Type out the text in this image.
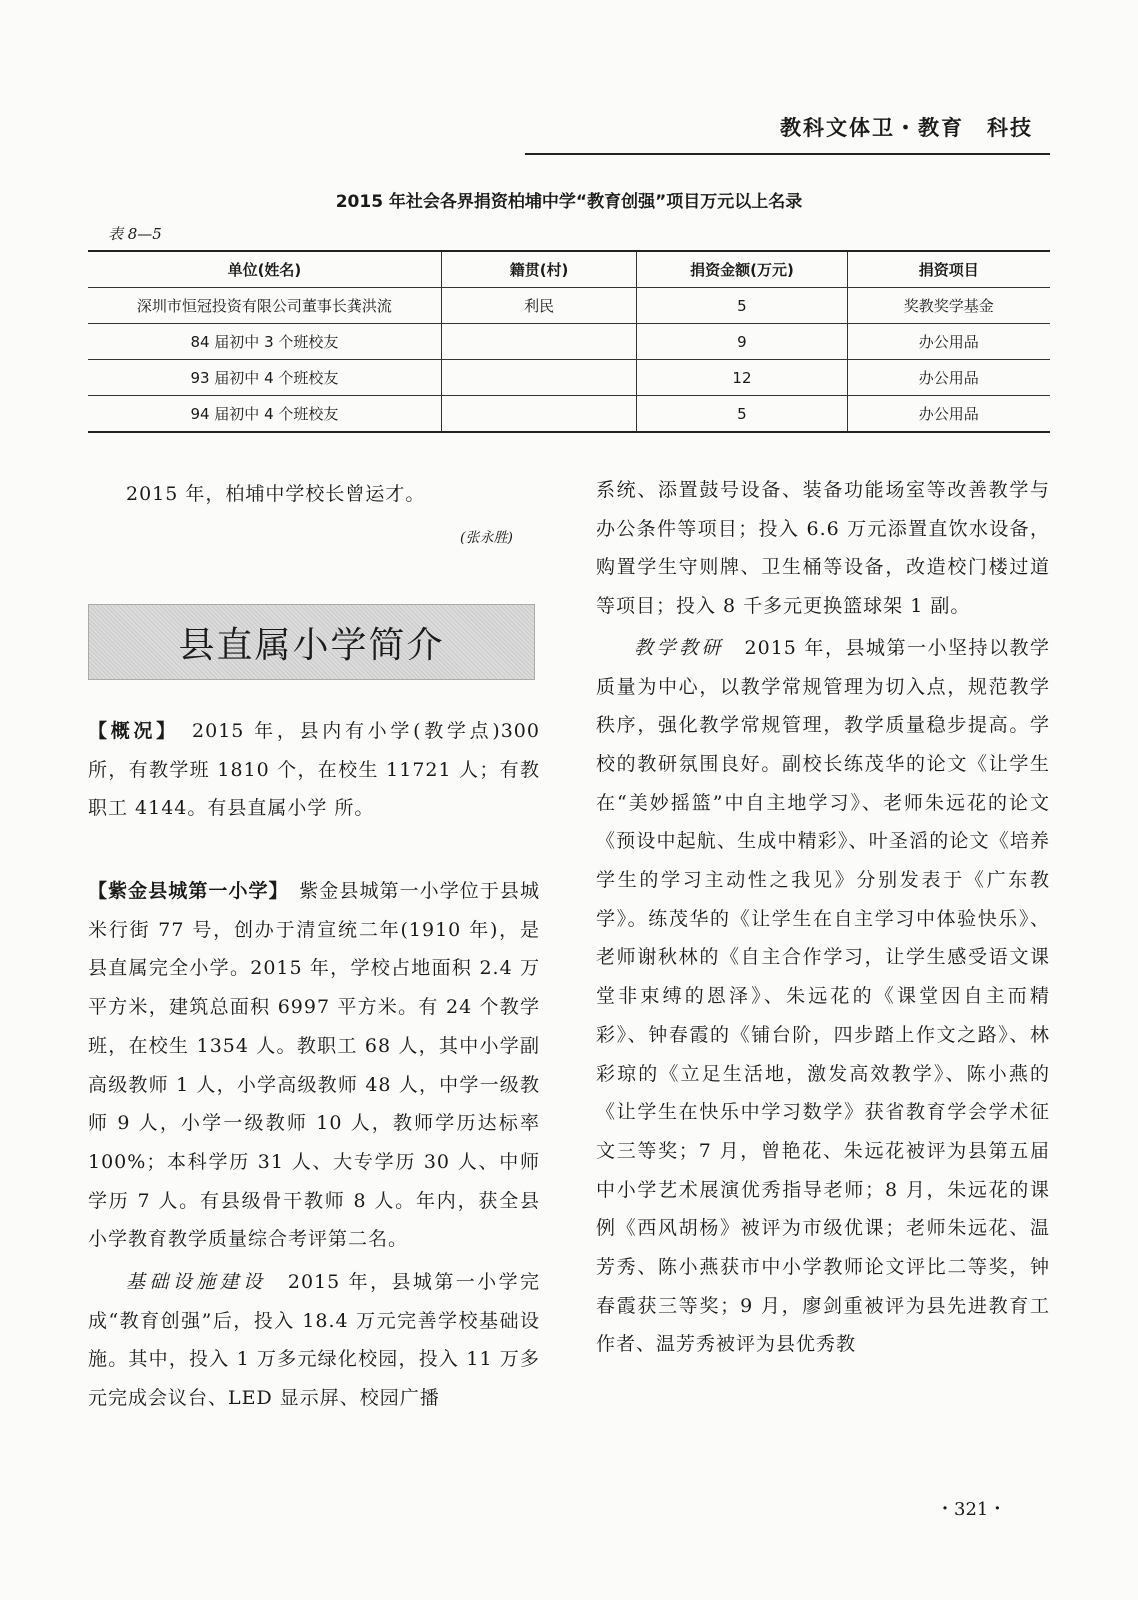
教科文体卫・教育　科技
2015 年社会各界捐资柏埔中学“教育创强”项目万元以上名录
表 8—5
单位(姓名)	籍贯(村)	捐资金额(万元)	捐资项目
深圳市恒冠投资有限公司董事长龚洪流	利民	5	奖教奖学基金
84 届初中 3 个班校友		9	办公用品
93 届初中 4 个班校友		12	办公用品
94 届初中 4 个班校友		5	办公用品

2015 年，柏埔中学校长曾运才。

(张永胜)
县直属小学简介

【概况】　2015 年，县内有小学(教学点)300 所，有教学班 1810 个，在校生 11721 人；有教职工 4144。有县直属小学 所。

【紫金县城第一小学】　紫金县城第一小学位于县城米行街 77 号，创办于清宣统二年(1910 年)，是县直属完全小学。2015 年，学校占地面积 2.4 万平方米，建筑总面积 6997 平方米。有 24 个教学班，在校生 1354 人。教职工 68 人，其中小学副高级教师 1 人，小学高级教师 48 人，中学一级教师 9 人，小学一级教师 10 人，教师学历达标率 100%；本科学历 31 人、大专学历 30 人、中师学历 7 人。有县级骨干教师 8 人。年内，获全县小学教育教学质量综合考评第二名。

基础设施建设　2015 年，县城第一小学完成“教育创强”后，投入 18.4 万元完善学校基础设施。其中，投入 1 万多元绿化校园，投入 11 万多元完成会议台、LED 显示屏、校园广播

系统、添置鼓号设备、装备功能场室等改善教学与办公条件等项目；投入 6.6 万元添置直饮水设备，购置学生守则牌、卫生桶等设备，改造校门楼过道等项目；投入 8 千多元更换篮球架 1 副。

教学教研　2015 年，县城第一小坚持以教学质量为中心，以教学常规管理为切入点，规范教学秩序，强化教学常规管理，教学质量稳步提高。学校的教研氛围良好。副校长练茂华的论文《让学生在“美妙摇篮”中自主地学习》、老师朱远花的论文《预设中起航、生成中精彩》、叶圣滔的论文《培养学生的学习主动性之我见》分别发表于《广东教学》。练茂华的《让学生在自主学习中体验快乐》、老师谢秋林的《自主合作学习，让学生感受语文课堂非束缚的恩泽》、朱远花的《课堂因自主而精彩》、钟春霞的《铺台阶，四步踏上作文之路》、林彩琼的《立足生活地，激发高效教学》、陈小燕的《让学生在快乐中学习数学》获省教育学会学术征文三等奖；7 月，曾艳花、朱远花被评为县第五届中小学艺术展演优秀指导老师；8 月，朱远花的课例《西风胡杨》被评为市级优课；老师朱远花、温芳秀、陈小燕获市中小学教师论文评比二等奖，钟春霞获三等奖；9 月，廖剑重被评为县先进教育工作者、温芳秀被评为县优秀教

・321・
